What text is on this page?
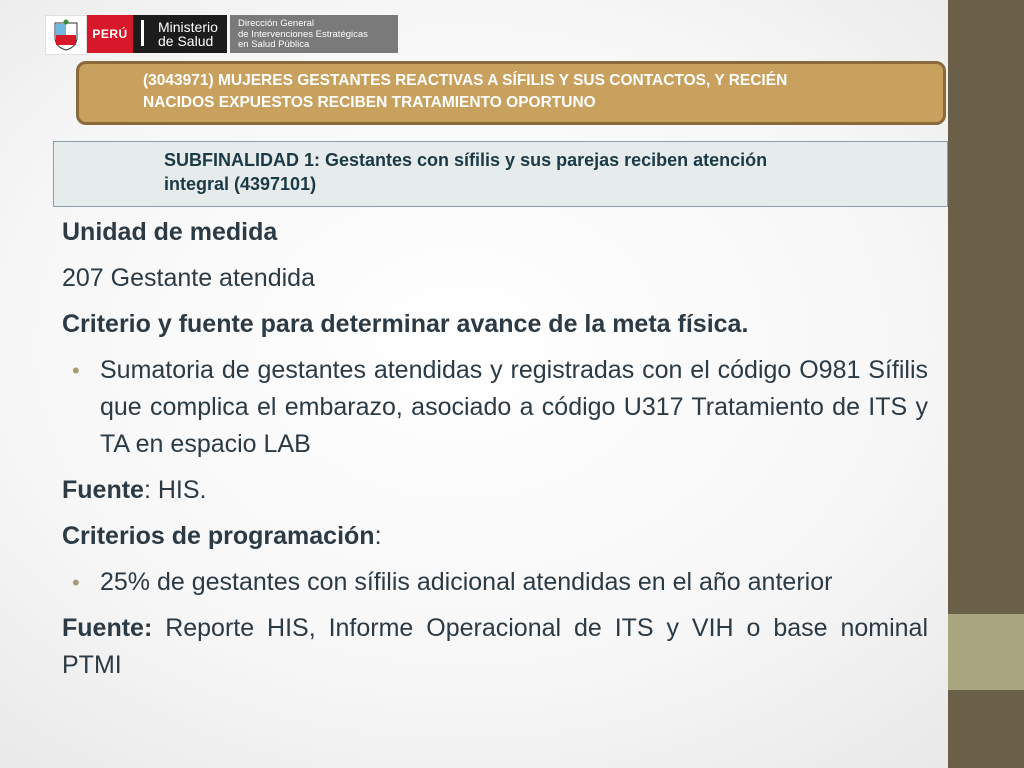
PERÚ	Ministerio
de Salud
Dirección General
de Intervenciones Estratégicas
en Salud Pública
(3043971) MUJERES GESTANTES REACTIVAS A SÍFILIS Y SUS CONTACTOS, Y RECIÉN
NACIDOS EXPUESTOS RECIBEN TRATAMIENTO OPORTUNO
SUBFINALIDAD 1: Gestantes con sífilis y sus parejas reciben atención
integral (4397101)

Unidad de medida

207 Gestante atendida

Criterio y fuente para determinar avance de la meta física.

• Sumatoria de gestantes atendidas y registradas con el código O981 Sífilis que complica el embarazo, asociado a código U317 Tratamiento de ITS y TA en espacio LAB

Fuente: HIS.

Criterios de programación:

• 25% de gestantes con sífilis adicional atendidas en el año anterior

Fuente: Reporte HIS, Informe Operacional de ITS y VIH o base nominal PTMI
